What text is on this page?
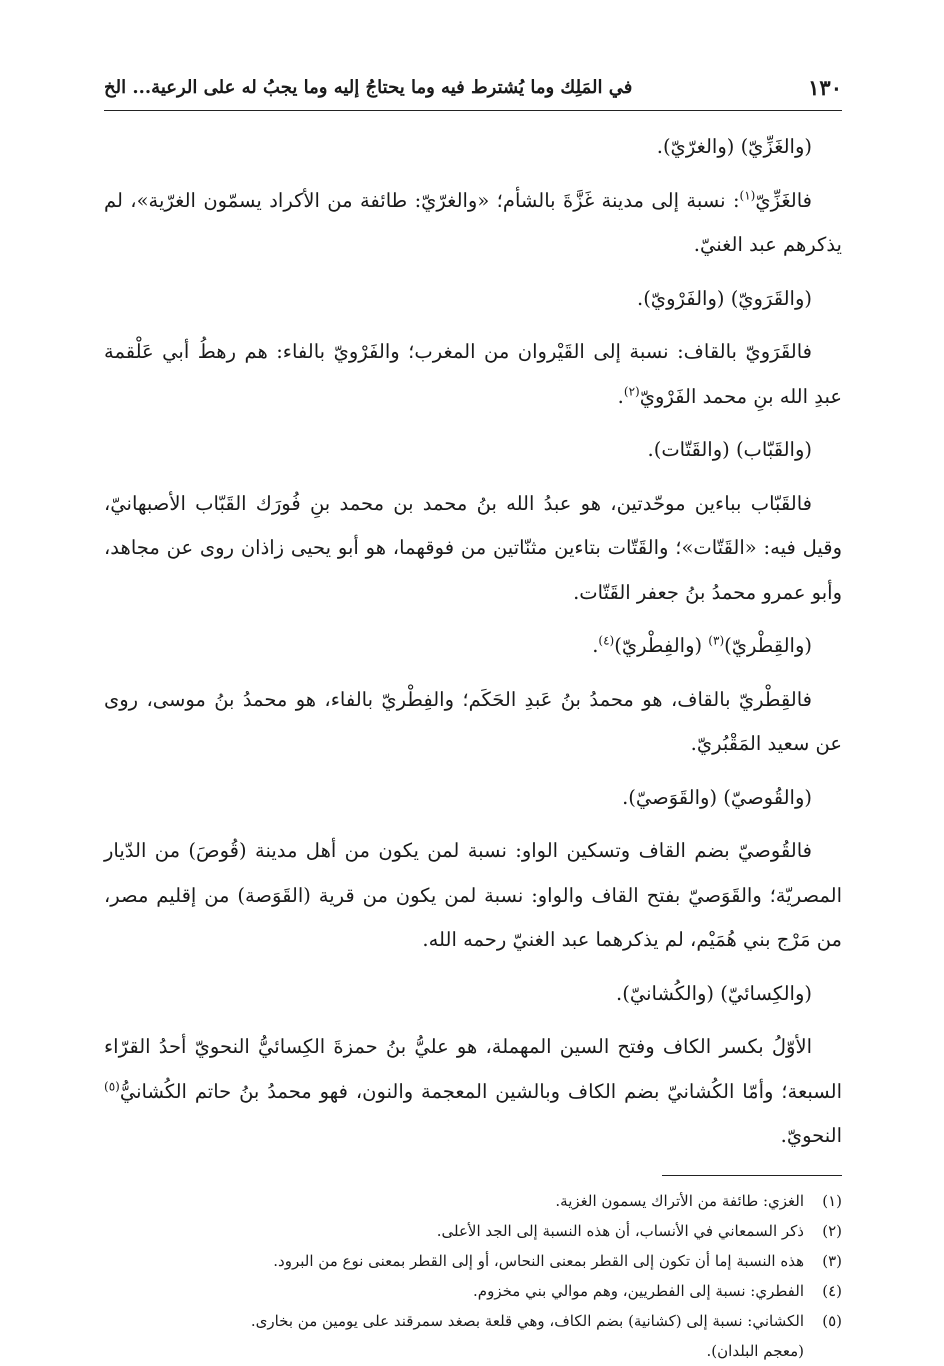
١٣٠
في المَلِك وما يُشترط فيه وما يحتاجُ إليه وما يجبُ له على الرعية... الخ

(والغَزِّيّ) (والغرّيّ).

فالغَزِّيّ$^{(١)}$: نسبة إلى مدينة غَزَّةَ بالشأم؛ «والغرّيّ: طائفة من الأكراد يسمّون الغرّية»، لم يذكرهم عبد الغنيّ.

(والقَرَويّ) (والفَرْويّ).

فالقَرَويّ بالقاف: نسبة إلى القَيْروان من المغرب؛ والفَرْويّ بالفاء: هم رهطُ أبي عَلْقمة عبدِ الله بنِ محمد الفَرْويّ$^{(٢)}$.

(والقَبّاب) (والقَتّات).

فالقَبّاب بباءين موحّدتين، هو عبدُ الله بنُ محمد بن محمد بنِ فُورَك القَبّاب الأصبهانيّ، وقيل فيه: «القَتّات»؛ والقَتّات بتاءين مثنّاتين من فوقهما، هو أبو يحيى زاذان روى عن مجاهد، وأبو عمرو محمدُ بنُ جعفر القَتّات.

(والقِطْريّ)$^{(٣)}$ (والفِطْريّ)$^{(٤)}$.

فالقِطْريّ بالقاف، هو محمدُ بنُ عَبدِ الحَكَم؛ والفِطْريّ بالفاء، هو محمدُ بنُ موسى، روى عن سعيد المَقْبُريّ.

(والقُوصيّ) (والقَوَصيّ).

فالقُوصيّ بضم القاف وتسكين الواو: نسبة لمن يكون من أهل مدينة (قُوصَ) من الدّيار المصريّة؛ والقَوَصيّ بفتح القاف والواو: نسبة لمن يكون من قرية (القَوَصة) من إقليم مصر، من مَرْج بني هُمَيْم، لم يذكرهما عبد الغنيّ رحمه الله.

(والكِسائيّ) (والكُشانيّ).

الأوّلُ بكسر الكاف وفتح السين المهملة، هو عليُّ بنُ حمزةَ الكِسائيُّ النحويّ أحدُ القرّاء السبعة؛ وأمّا الكُشانيّ بضم الكاف وبالشين المعجمة والنون، فهو محمدُ بنُ حاتم الكُشانيُّ$^{(٥)}$ النحويّ.

(١)
الغزي: طائفة من الأتراك يسمون الغزية.
(٢)
ذكر السمعاني في الأنساب، أن هذه النسبة إلى الجد الأعلى.
(٣)
هذه النسبة إما أن تكون إلى القطر بمعنى النحاس، أو إلى القطر بمعنى نوع من البرود.
(٤)
الفطري: نسبة إلى الفطريين، وهم موالي بني مخزوم.
(٥)
الكشاني: نسبة إلى (كشانية) بضم الكاف، وهي قلعة بصغد سمرقند على يومين من بخارى.
(معجم البلدان).
